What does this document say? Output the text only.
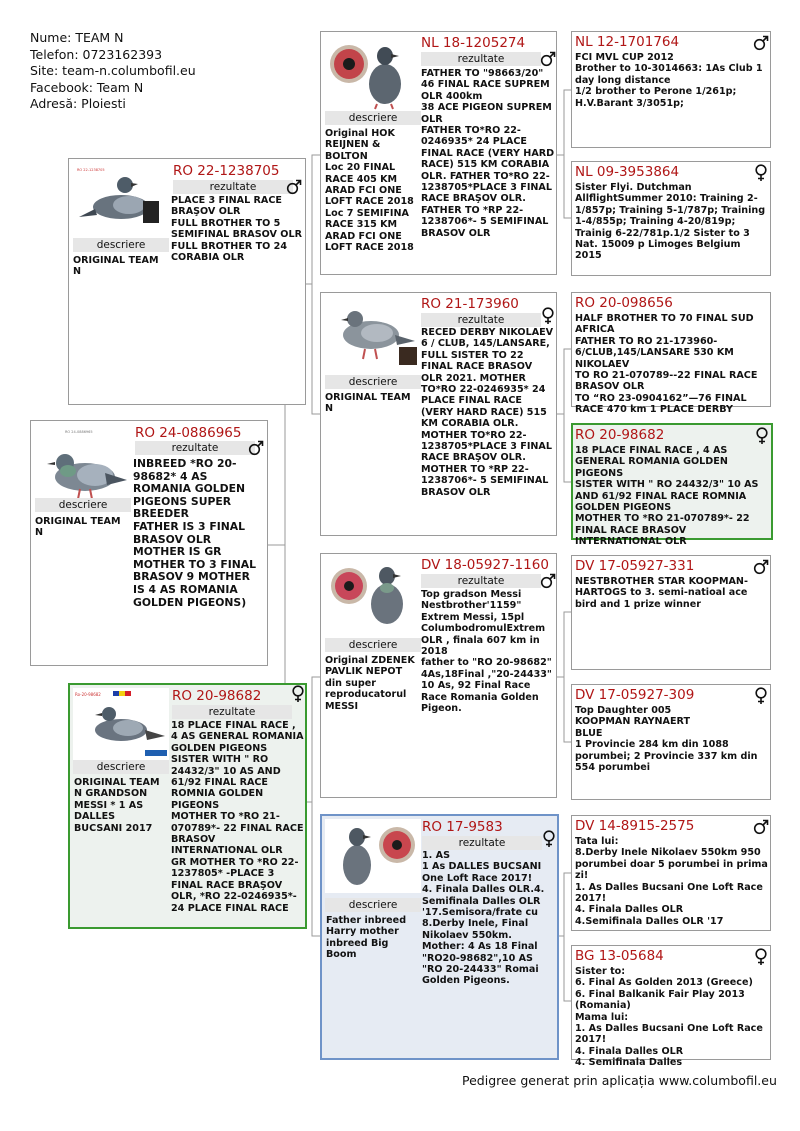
Nume: TEAM N
Telefon: 0723162393
Site: team-n.columbofil.eu
Facebook: Team N
Adresă: Ploiesti
RO 24-0886965
descriere
ORIGINAL TEAM N
RO 24-0886965
rezultate
INBREED *RO 20-98682* 4 AS ROMANIA GOLDEN PIGEONS SUPER BREEDER
FATHER IS 3 FINAL BRASOV OLR
MOTHER IS GR MOTHER TO 3 FINAL BRASOV 9 MOTHER IS 4 AS ROMANIA GOLDEN PIGEONS)
RO 22-1238705
descriere
ORIGINAL TEAM N
RO 22-1238705
rezultate
PLACE 3 FINAL RACE BRAŞOV OLR
FULL BROTHER TO 5 SEMIFINAL BRASOV OLR
FULL BROTHER TO 24 CORABIA OLR
Ro-20-98682
descriere
ORIGINAL TEAM N GRANDSON MESSI * 1 AS DALLES BUCSANI 2017
RO 20-98682
rezultate
18 PLACE FINAL RACE , 4 AS GENERAL ROMANIA GOLDEN PIGEONS
SISTER WITH " RO 24432/3" 10 AS AND 61/92 FINAL RACE ROMNIA GOLDEN PIGEONS
MOTHER TO *RO 21-070789*- 22 FINAL RACE BRASOV INTERNATIONAL OLR
GR MOTHER TO *RO 22-1237805* -PLACE 3 FINAL RACE BRAŞOV OLR, *RO 22-0246935*- 24 PLACE FINAL RACE
descriere
Original HOK REIJNEN & BOLTON
Loc 20 FINAL RACE 405 KM ARAD FCI ONE LOFT RACE 2018
Loc 7 SEMIFINA RACE 315 KM ARAD FCI ONE LOFT RACE 2018
NL 18-1205274
rezultate
FATHER TO "98663/20" 46 FINAL RACE SUPREM OLR 400km
38 ACE PIGEON SUPREM OLR
FATHER TO*RO 22-0246935* 24 PLACE FINAL RACE (VERY HARD RACE) 515 KM CORABIA OLR. FATHER TO*RO 22-1238705*PLACE 3 FINAL RACE BRAŞOV OLR. FATHER TO *RP 22-1238706*- 5 SEMIFINAL BRASOV OLR
descriere
ORIGINAL TEAM N
RO 21-173960
rezultate
RECED DERBY NIKOLAEV 6 / CLUB, 145/LANSARE, FULL SISTER TO 22 FINAL RACE BRASOV OLR 2021. MOTHER TO*RO 22-0246935* 24 PLACE FINAL RACE (VERY HARD RACE) 515 KM CORABIA OLR. MOTHER TO*RO 22-1238705*PLACE 3 FINAL RACE BRAŞOV OLR. MOTHER TO *RP 22-1238706*- 5 SEMIFINAL BRASOV OLR
descriere
Original ZDENEK PAVLIK NEPOT din super reproducatorul MESSI
DV 18-05927-1160
rezultate
Top gradson Messi Nestbrother'1159" Extrem Messi, 15pl ColumbodromulExtrem OLR , finala 607 km in 2018
father to "RO 20-98682" 4As,18Final ,"20-24433" 10 As, 92 Final Race Race Romania Golden Pigeon.
descriere
Father inbreed Harry mother inbreed Big Boom
RO 17-9583
rezultate
1. AS
1 As DALLES BUCSANI One Loft Race 2017!
4. Finala Dalles OLR.4. Semifinala Dalles OLR '17.Semisora/frate cu 8.Derby Inele, Final Nikolaev 550km.
Mother: 4 As 18 Final "RO20-98682",10 AS "RO 20-24433" Romai Golden Pigeons.
NL 12-1701764
FCI MVL CUP 2012
Brother to 10-3014663: 1As Club 1 day long distance
1/2 brother to Perone 1/261p; H.V.Barant 3/3051p;
NL 09-3953864
Sister Flyi. Dutchman AllflightSummer 2010: Training 2-1/857p; Training 5-1/787p; Training 1-4/855p; Training 4-20/819p; Trainig 6-22/781p.1/2 Sister to 3 Nat. 15009 p Limoges Belgium 2015
RO 20-098656
HALF BROTHER TO 70 FINAL SUD AFRICA
FATHER TO RO 21-173960-6/CLUB,145/LANSARE 530 KM NIKOLAEV
TO RO 21-070789--22 FINAL RACE BRASOV OLR
TO “RO 23-0904162”—76 FINAL RACE 470 km 1 PLACE DERBY
RO 20-98682
18 PLACE FINAL RACE , 4 AS GENERAL ROMANIA GOLDEN PIGEONS
SISTER WITH " RO 24432/3" 10 AS AND 61/92 FINAL RACE ROMNIA GOLDEN PIGEONS
MOTHER TO *RO 21-070789*- 22 FINAL RACE BRASOV INTERNATIONAL OLR
DV 17-05927-331
NESTBROTHER STAR KOOPMAN-HARTOGS to 3. semi-natioal ace bird and 1 prize winner
DV 17-05927-309
Top Daughter 005
KOOPMAN RAYNAERT
BLUE
1 Provincie 284 km din 1088 porumbei; 2 Provincie 337 km din 554 porumbei
DV 14-8915-2575
Tata lui:
8.Derby Inele Nikolaev 550km 950 porumbei doar 5 porumbei in prima zi!
1. As Dalles Bucsani One Loft Race 2017!
4. Finala Dalles OLR
4.Semifinala Dalles OLR '17
BG 13-05684
Sister to:
6. Final As Golden 2013 (Greece)
6. Final Balkanik Fair Play 2013 (Romania)
Mama lui:
1. As Dalles Bucsani One Loft Race 2017!
4. Finala Dalles OLR
4. Semifinala Dalles
Pedigree generat prin aplicația www.columbofil.eu
